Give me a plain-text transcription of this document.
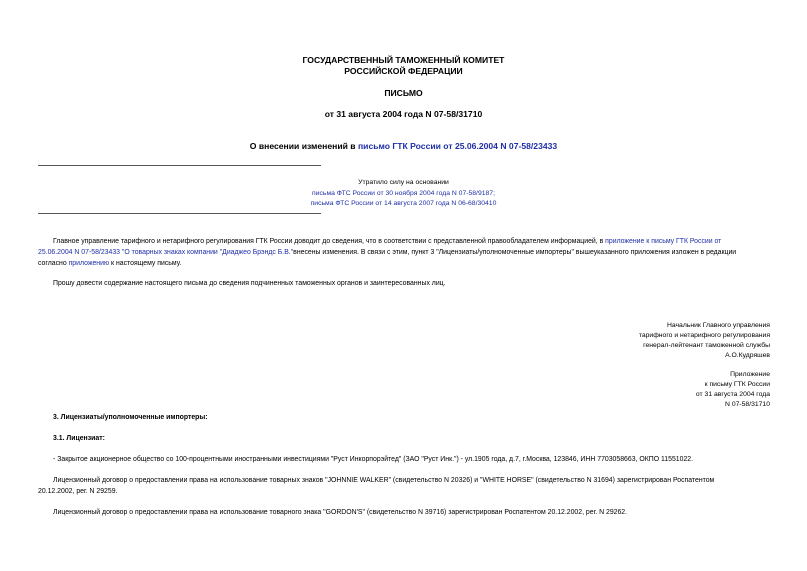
ГОСУДАРСТВЕННЫЙ ТАМОЖЕННЫЙ КОМИТЕТ
РОССИЙСКОЙ ФЕДЕРАЦИИ
ПИСЬМО
от 31 августа 2004 года N 07-58/31710
О внесении изменений в письмо ГТК России от 25.06.2004 N 07-58/23433
Утратило силу на основании
письма ФТС России от 30 ноября 2004 года N 07-58/9187;
письма ФТС России от 14 августа 2007 года N 06-68/30410
Главное управление тарифного и нетарифного регулирования ГТК России доводит до сведения, что в соответствии с представленной правообладателем информацией, в приложение к письму ГТК России от
25.06.2004 N 07-58/23433 "О товарных знаках компании "Диаджео Брэндс Б.В."внесены изменения. В связи с этим, пункт 3 "Лицензиаты/уполномоченные импортеры" вышеуказанного приложения изложен в редакции
согласно приложению к настоящему письму.
Прошу довести содержание настоящего письма до сведения подчиненных таможенных органов и заинтересованных лиц.
Начальник Главного управления
тарифного и нетарифного регулирования
генерал-лейтенант таможенной службы
А.О.Кудряшев
Приложение
к письму ГТК России
от 31 августа 2004 года
N 07-58/31710
3. Лицензиаты/уполномоченные импортеры:
3.1. Лицензиат:
- Закрытое акционерное общество со 100-процентными иностранными инвестициями "Руст Инкорпорэйтед" (ЗАО "Руст Инк.") - ул.1905 года, д.7, г.Москва, 123846, ИНН 7703058663, ОКПО 11551022.
Лицензионный договор о предоставлении права на использование товарных знаков "JOHNNIE WALKER" (свидетельство N 20326) и "WHITE HORSE" (свидетельство N 31694) зарегистрирован Роспатентом
20.12.2002, рег. N 29259.
Лицензионный договор о предоставлении права на использование товарного знака "GORDON'S" (свидетельство N 39716) зарегистрирован Роспатентом 20.12.2002, рег. N 29262.
